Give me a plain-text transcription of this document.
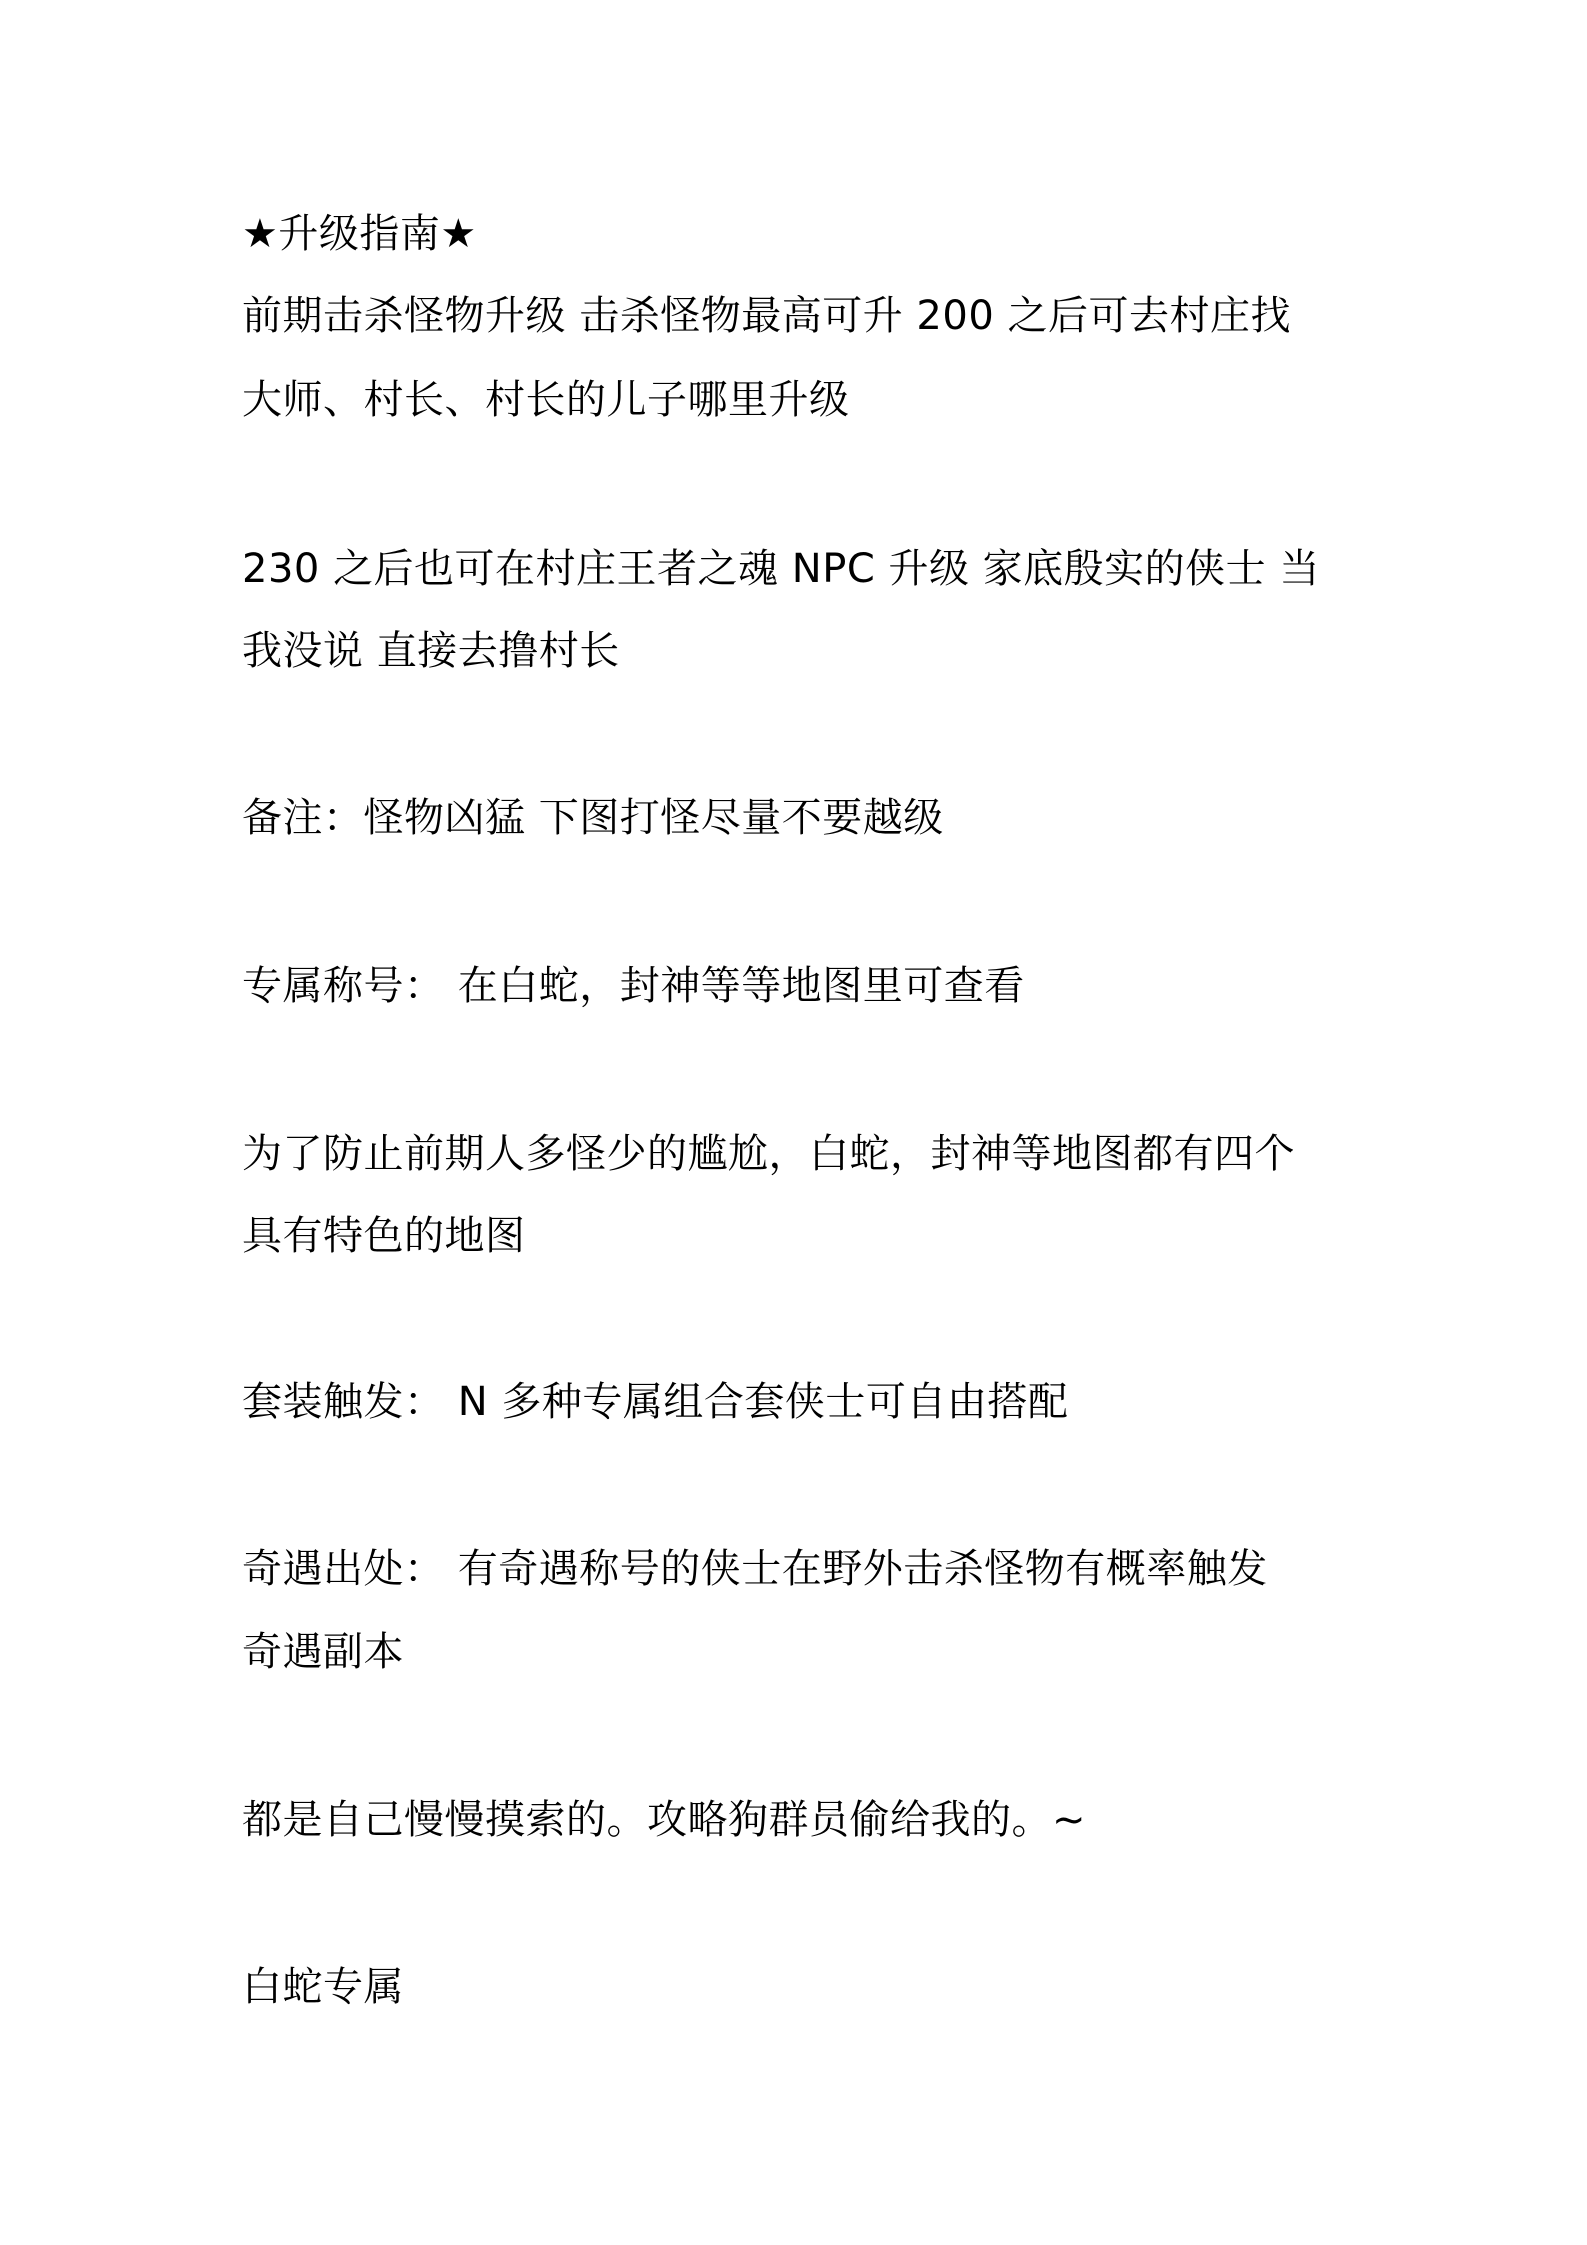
★升级指南★
前期击杀怪物升级 击杀怪物最高可升 200 之后可去村庄找
大师、村长、村长的儿子哪里升级
230 之后也可在村庄王者之魂 NPC 升级 家底殷实的侠士 当
我没说 直接去撸村长
备注：怪物凶猛 下图打怪尽量不要越级
专属称号： 在白蛇，封神等等地图里可查看
为了防止前期人多怪少的尴尬，白蛇，封神等地图都有四个
具有特色的地图
套装触发： N 多种专属组合套侠士可自由搭配
奇遇出处： 有奇遇称号的侠士在野外击杀怪物有概率触发
奇遇副本
都是自己慢慢摸索的。攻略狗群员偷给我的。~
白蛇专属
